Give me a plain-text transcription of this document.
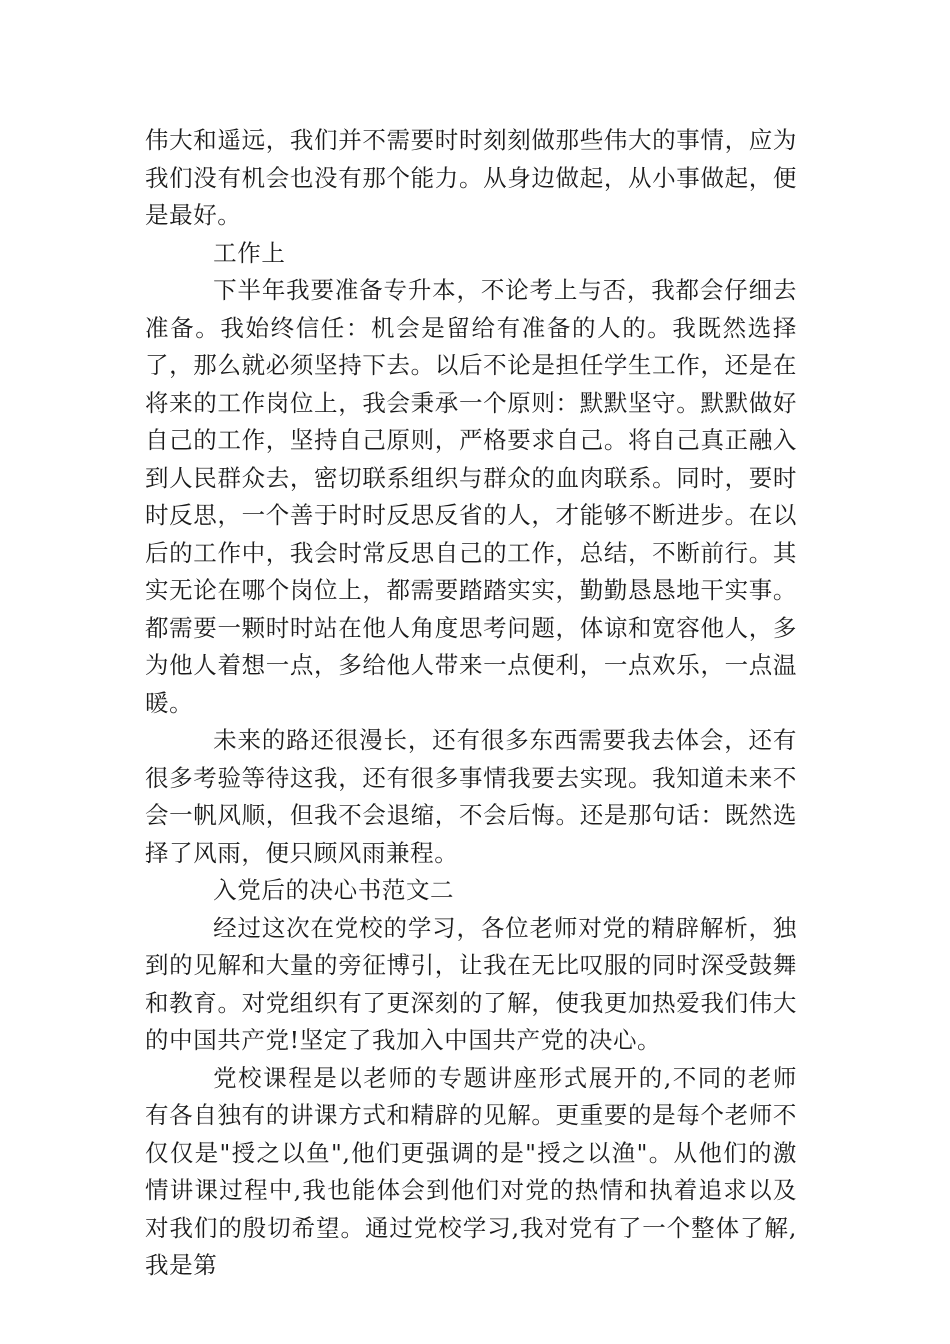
伟大和遥远，我们并不需要时时刻刻做那些伟大的事情，应为我们没有机会也没有那个能力。从身边做起，从小事做起，便是最好。

工作上

下半年我要准备专升本，不论考上与否，我都会仔细去准备。我始终信任：机会是留给有准备的人的。我既然选择了，那么就必须坚持下去。以后不论是担任学生工作，还是在将来的工作岗位上，我会秉承一个原则：默默坚守。默默做好自己的工作，坚持自己原则，严格要求自己。将自己真正融入到人民群众去，密切联系组织与群众的血肉联系。同时，要时时反思，一个善于时时反思反省的人，才能够不断进步。在以后的工作中，我会时常反思自己的工作，总结，不断前行。其实无论在哪个岗位上，都需要踏踏实实，勤勤恳恳地干实事。都需要一颗时时站在他人角度思考问题，体谅和宽容他人，多为他人着想一点，多给他人带来一点便利，一点欢乐，一点温暖。

未来的路还很漫长，还有很多东西需要我去体会，还有很多考验等待这我，还有很多事情我要去实现。我知道未来不会一帆风顺，但我不会退缩，不会后悔。还是那句话：既然选择了风雨，便只顾风雨兼程。

入党后的决心书范文二

经过这次在党校的学习，各位老师对党的精辟解析，独到的见解和大量的旁征博引，让我在无比叹服的同时深受鼓舞和教育。对党组织有了更深刻的了解，使我更加热爱我们伟大的中国共产党!坚定了我加入中国共产党的决心。

党校课程是以老师的专题讲座形式展开的,不同的老师有各自独有的讲课方式和精辟的见解。更重要的是每个老师不仅仅是"授之以鱼",他们更强调的是"授之以渔"。从他们的激情讲课过程中,我也能体会到他们对党的热情和执着追求以及对我们的殷切希望。通过党校学习,我对党有了一个整体了解,我是第
